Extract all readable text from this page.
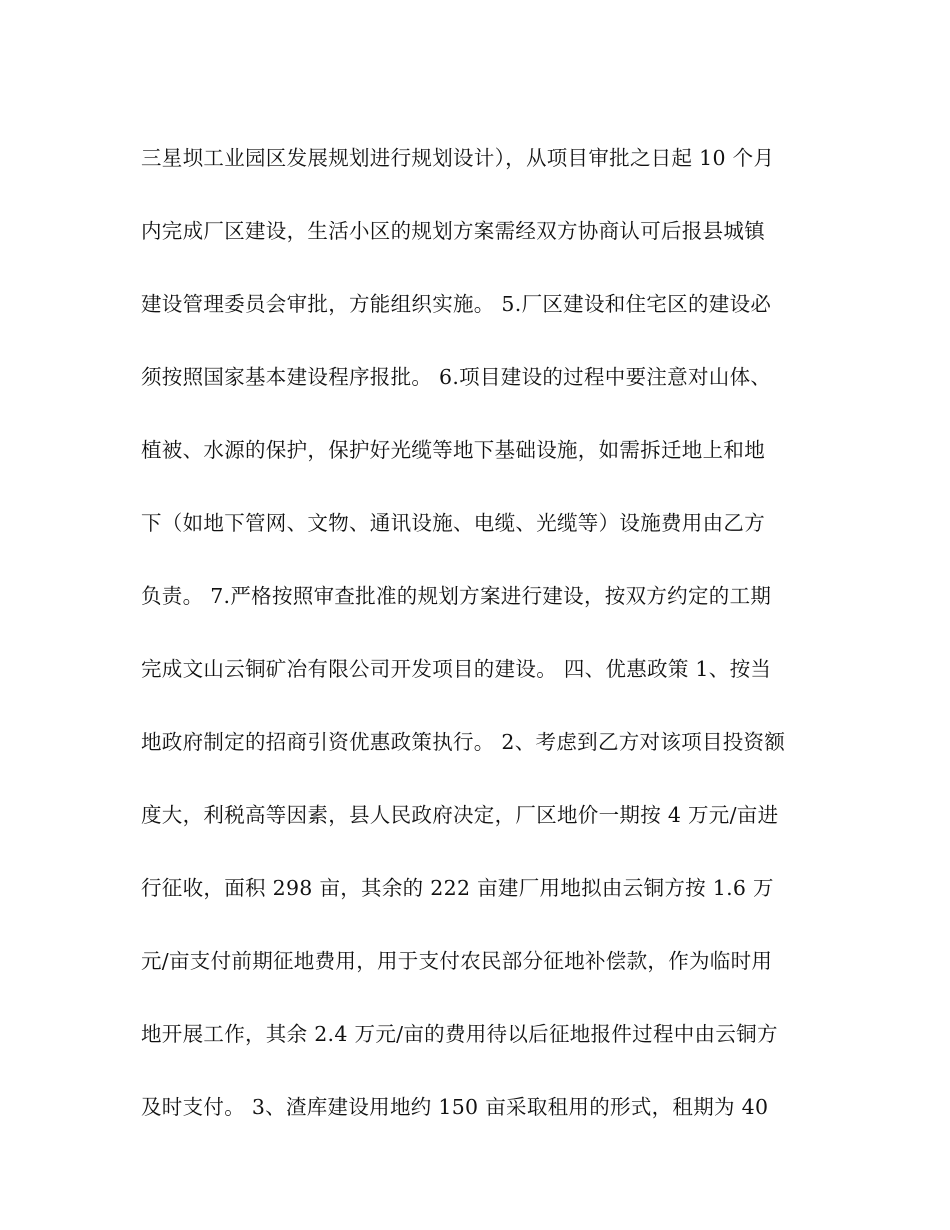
三星坝工业园区发展规划进行规划设计），从项目审批之日起 10 个月
内完成厂区建设，生活小区的规划方案需经双方协商认可后报县城镇
建设管理委员会审批，方能组织实施。 5.厂区建设和住宅区的建设必
须按照国家基本建设程序报批。 6.项目建设的过程中要注意对山体、
植被、水源的保护，保护好光缆等地下基础设施，如需拆迁地上和地
下（如地下管网、文物、通讯设施、电缆、光缆等）设施费用由乙方
负责。 7.严格按照审查批准的规划方案进行建设，按双方约定的工期
完成文山云铜矿冶有限公司开发项目的建设。 四、优惠政策 1、按当
地政府制定的招商引资优惠政策执行。 2、考虑到乙方对该项目投资额
度大，利税高等因素，县人民政府决定，厂区地价一期按 4 万元/亩进
行征收，面积 298 亩，其余的 222 亩建厂用地拟由云铜方按 1.6 万
元/亩支付前期征地费用，用于支付农民部分征地补偿款，作为临时用
地开展工作，其余 2.4 万元/亩的费用待以后征地报件过程中由云铜方
及时支付。 3、渣库建设用地约 150 亩采取租用的形式，租期为 40
